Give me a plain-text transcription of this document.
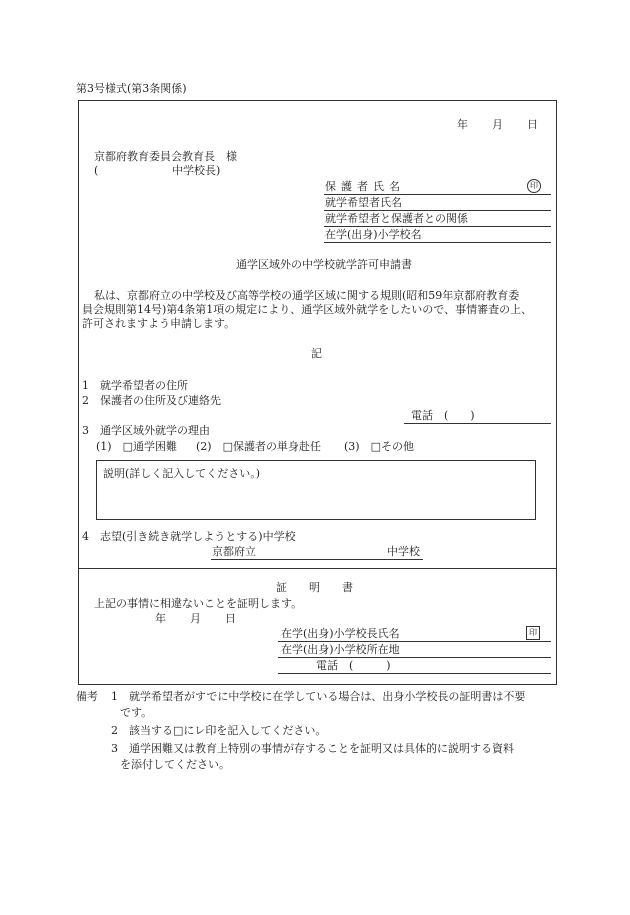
第3号様式(第3条関係)
年 月 日
京都府教育委員会教育長　様
(	中学校長)
保護者氏名	印
就学希望者氏名
就学希望者と保護者との関係
在学(出身)小学校名
通学区域外の中学校就学許可申請書
私は、京都府立の中学校及び高等学校の通学区域に関する規則(昭和59年京都府教育委
員会規則第14号)第4条第1項の規定により、通学区域外就学をしたいので、事情審査の上、
許可されますよう申請します。
記
1　就学希望者の住所
2　保護者の住所及び連絡先
電話　(　　)
3　通学区域外就学の理由
(1)　□通学困難 (2)　□保護者の単身赴任 (3)　□その他
説明(詳しく記入してください。)
4　志望(引き続き就学しようとする)中学校
京都府立	中学校
証　　明　　書
上記の事情に相違ないことを証明します。
年 月 日
在学(出身)小学校長氏名	印
在学(出身)小学校所在地
電話　(　　　)
備考 1　就学希望者がすでに中学校に在学している場合は、出身小学校長の証明書は不要
です。
2　該当する□にレ印を記入してください。
3　通学困難又は教育上特別の事情が存することを証明又は具体的に説明する資料
を添付してください。
